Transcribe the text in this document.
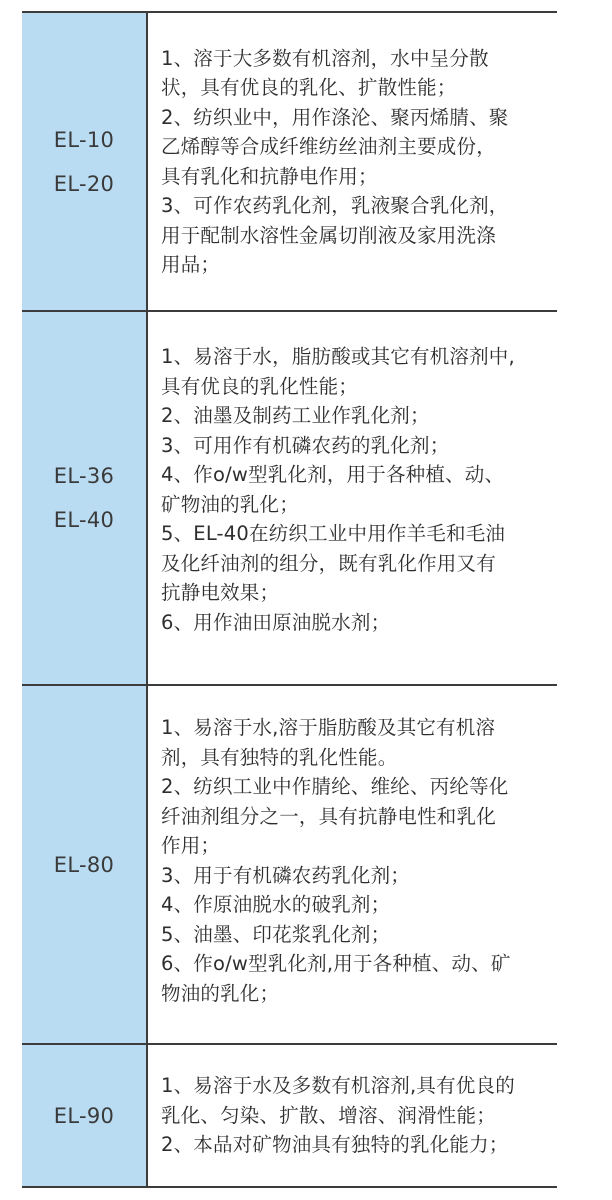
EL-10
EL-20
1、溶于大多数有机溶剂，水中呈分散
状，具有优良的乳化、扩散性能；
2、纺织业中，用作涤沦、聚丙烯腈、聚
乙烯醇等合成纤维纺丝油剂主要成份，
具有乳化和抗静电作用；
3、可作农药乳化剂，乳液聚合乳化剂，
用于配制水溶性金属切削液及家用洗涤
用品；
EL-36
EL-40
1、易溶于水，脂肪酸或其它有机溶剂中,
具有优良的乳化性能；
2、油墨及制药工业作乳化剂；
3、可用作有机磷农药的乳化剂；
4、作o/w型乳化剂，用于各种植、动、
矿物油的乳化；
5、EL-40在纺织工业中用作羊毛和毛油
及化纤油剂的组分，既有乳化作用又有
抗静电效果；
6、用作油田原油脱水剂；
EL-80
1、易溶于水,溶于脂肪酸及其它有机溶
剂，具有独特的乳化性能。
2、纺织工业中作腈纶、维纶、丙纶等化
纤油剂组分之一，具有抗静电性和乳化
作用；
3、用于有机磷农药乳化剂；
4、作原油脱水的破乳剂；
5、油墨、印花浆乳化剂；
6、作o/w型乳化剂,用于各种植、动、矿
物油的乳化；
EL-90
1、易溶于水及多数有机溶剂,具有优良的
乳化、匀染、扩散、增溶、润滑性能；
2、本品对矿物油具有独特的乳化能力；
